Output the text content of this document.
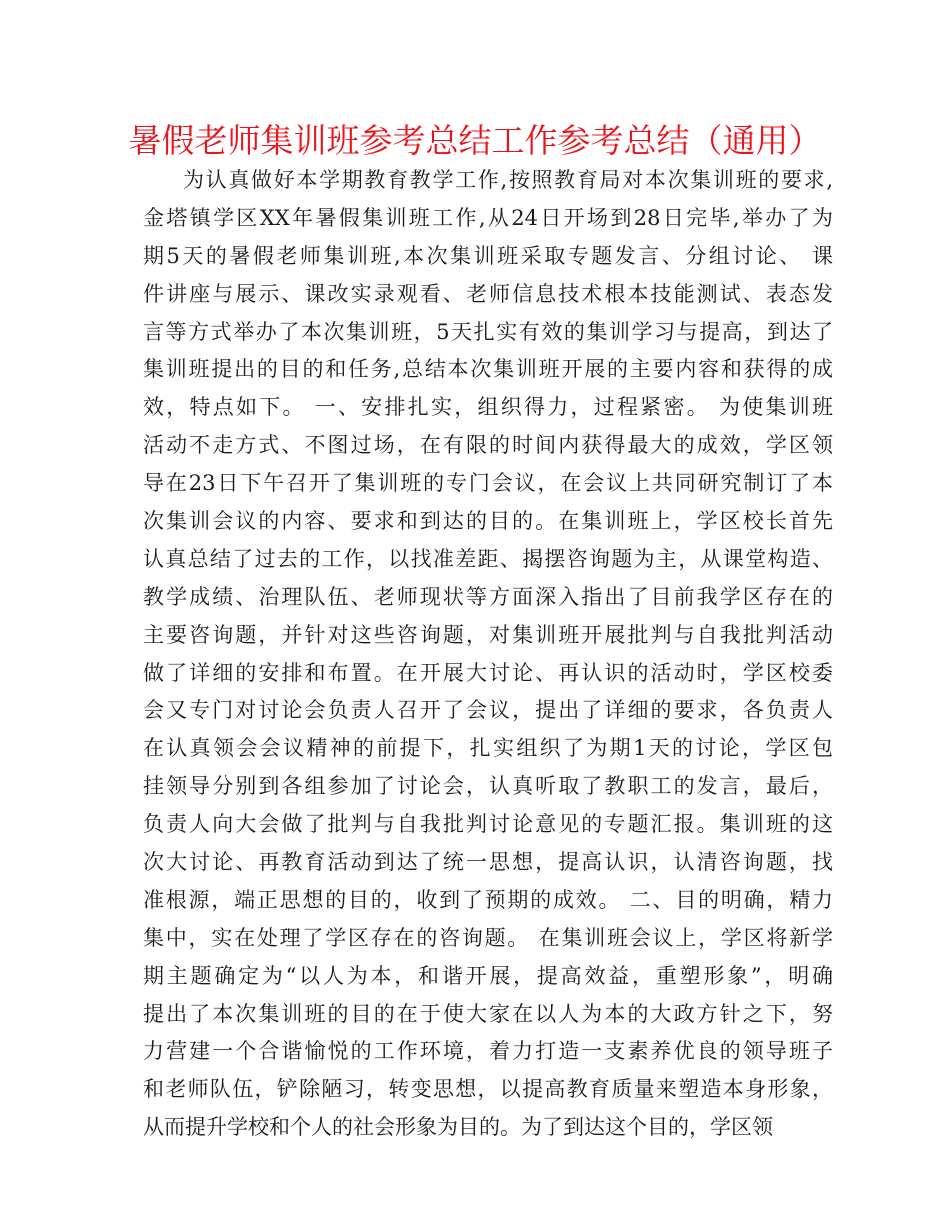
暑假老师集训班参考总结工作参考总结（通用）
为认真做好本学期教育教学工作,按照教育局对本次集训班的要求,
金塔镇学区XX年暑假集训班工作,从24日开场到28日完毕,举办了为
期5天的暑假老师集训班,本次集训班采取专题发言、分组讨论、 课
件讲座与展示、课改实录观看、老师信息技术根本技能测试、表态发
言等方式举办了本次集训班，5天扎实有效的集训学习与提高，到达了
集训班提出的目的和任务,总结本次集训班开展的主要内容和获得的成
效，特点如下。 一、安排扎实，组织得力，过程紧密。 为使集训班
活动不走方式、不图过场，在有限的时间内获得最大的成效，学区领
导在23日下午召开了集训班的专门会议，在会议上共同研究制订了本
次集训会议的内容、要求和到达的目的。在集训班上，学区校长首先
认真总结了过去的工作，以找准差距、揭摆咨询题为主，从课堂构造、
教学成绩、治理队伍、老师现状等方面深入指出了目前我学区存在的
主要咨询题，并针对这些咨询题，对集训班开展批判与自我批判活动
做了详细的安排和布置。在开展大讨论、再认识的活动时，学区校委
会又专门对讨论会负责人召开了会议，提出了详细的要求，各负责人
在认真领会会议精神的前提下，扎实组织了为期1天的讨论，学区包
挂领导分别到各组参加了讨论会，认真听取了教职工的发言，最后，
负责人向大会做了批判与自我批判讨论意见的专题汇报。集训班的这
次大讨论、再教育活动到达了统一思想，提高认识，认清咨询题，找
准根源，端正思想的目的，收到了预期的成效。 二、目的明确，精力
集中，实在处理了学区存在的咨询题。 在集训班会议上，学区将新学
期主题确定为“以人为本，和谐开展，提高效益，重塑形象”，明确
提出了本次集训班的目的在于使大家在以人为本的大政方针之下，努
力营建一个合谐愉悦的工作环境，着力打造一支素养优良的领导班子
和老师队伍，铲除陋习，转变思想，以提高教育质量来塑造本身形象，
从而提升学校和个人的社会形象为目的。为了到达这个目的，学区领
